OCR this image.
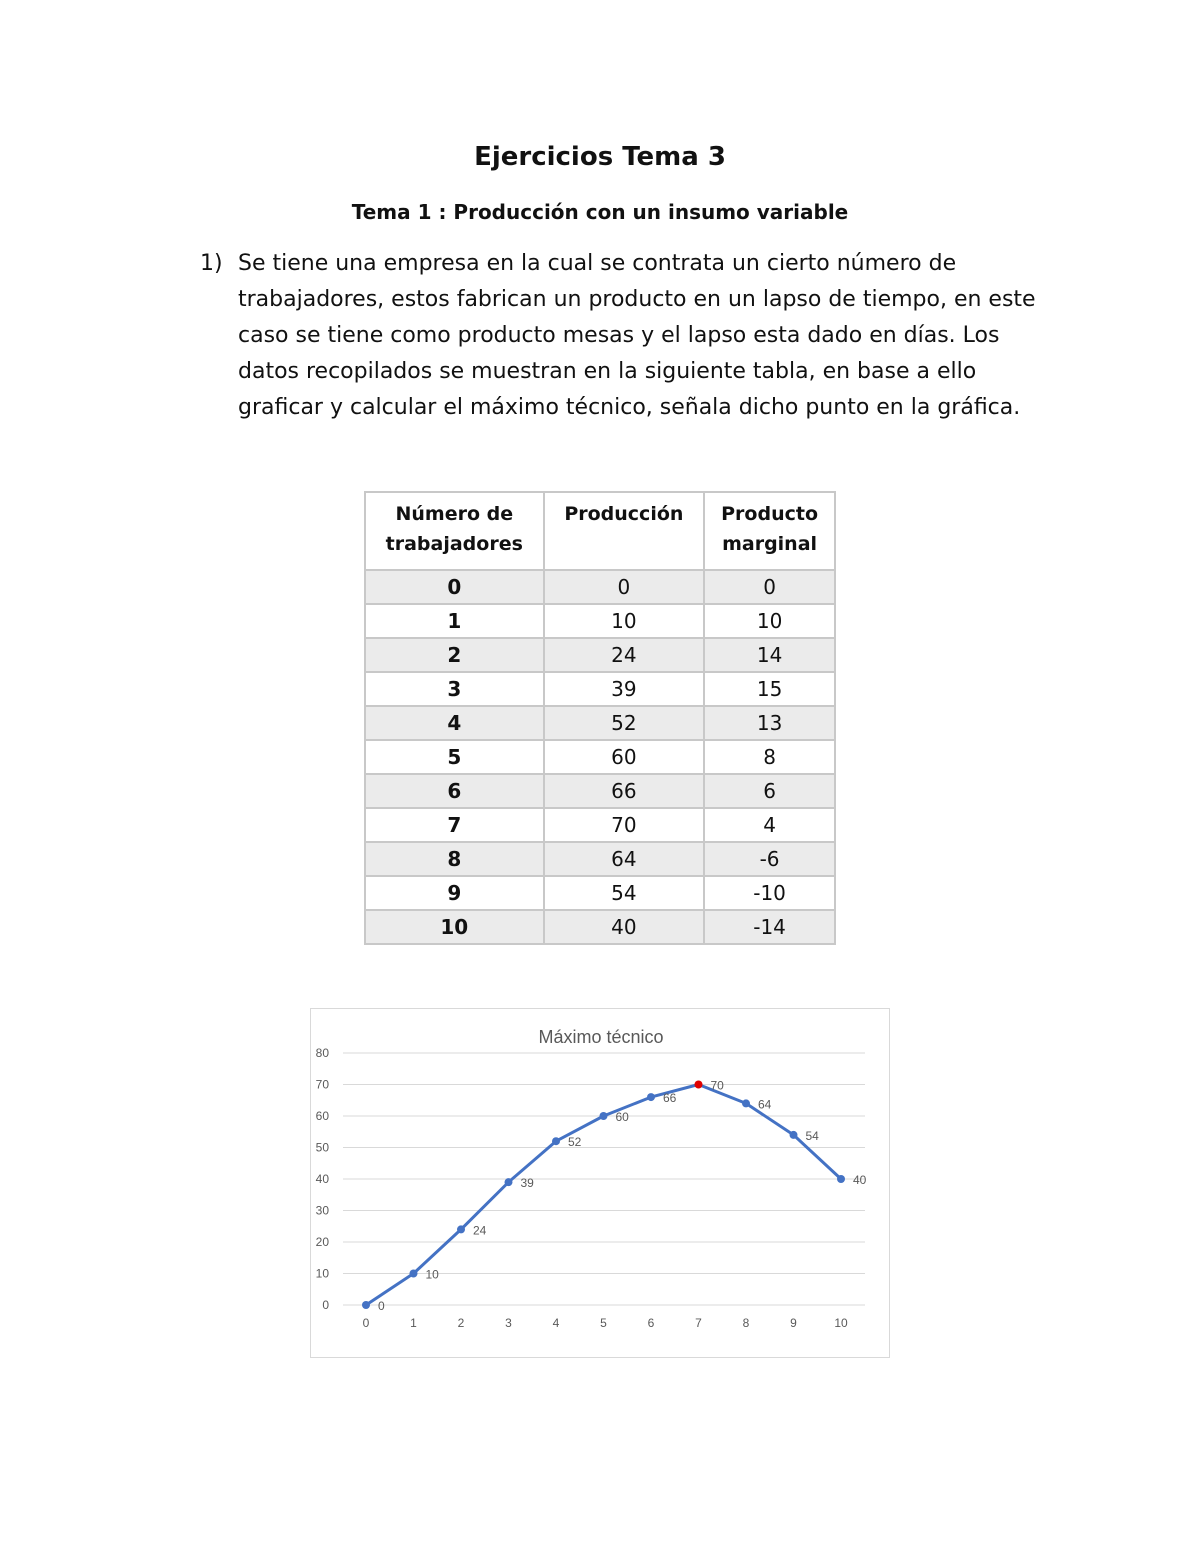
Ejercicios Tema 3
Tema 1 : Producción con un insumo variable
1) Se tiene una empresa en la cual se contrata un cierto número de trabajadores, estos fabrican un producto en un lapso de tiempo, en este caso se tiene como producto mesas y el lapso esta dado en días. Los datos recopilados se muestran en la siguiente tabla, en base a ello graficar y calcular el máximo técnico, señala dicho punto en la gráfica.

Número de trabajadores	Producción	Producto marginal
0	0	0
1	10	10
2	24	14
3	39	15
4	52	13
5	60	8
6	66	6
7	70	4
8	64	-6
9	54	-10
10	40	-14
Máximo técnico
0
10
20
30
40
50
60
70
80
0	1	2	3	4	5	6	7	8	9	10
0
10
24
39
52
60
66
70
64
54
40
